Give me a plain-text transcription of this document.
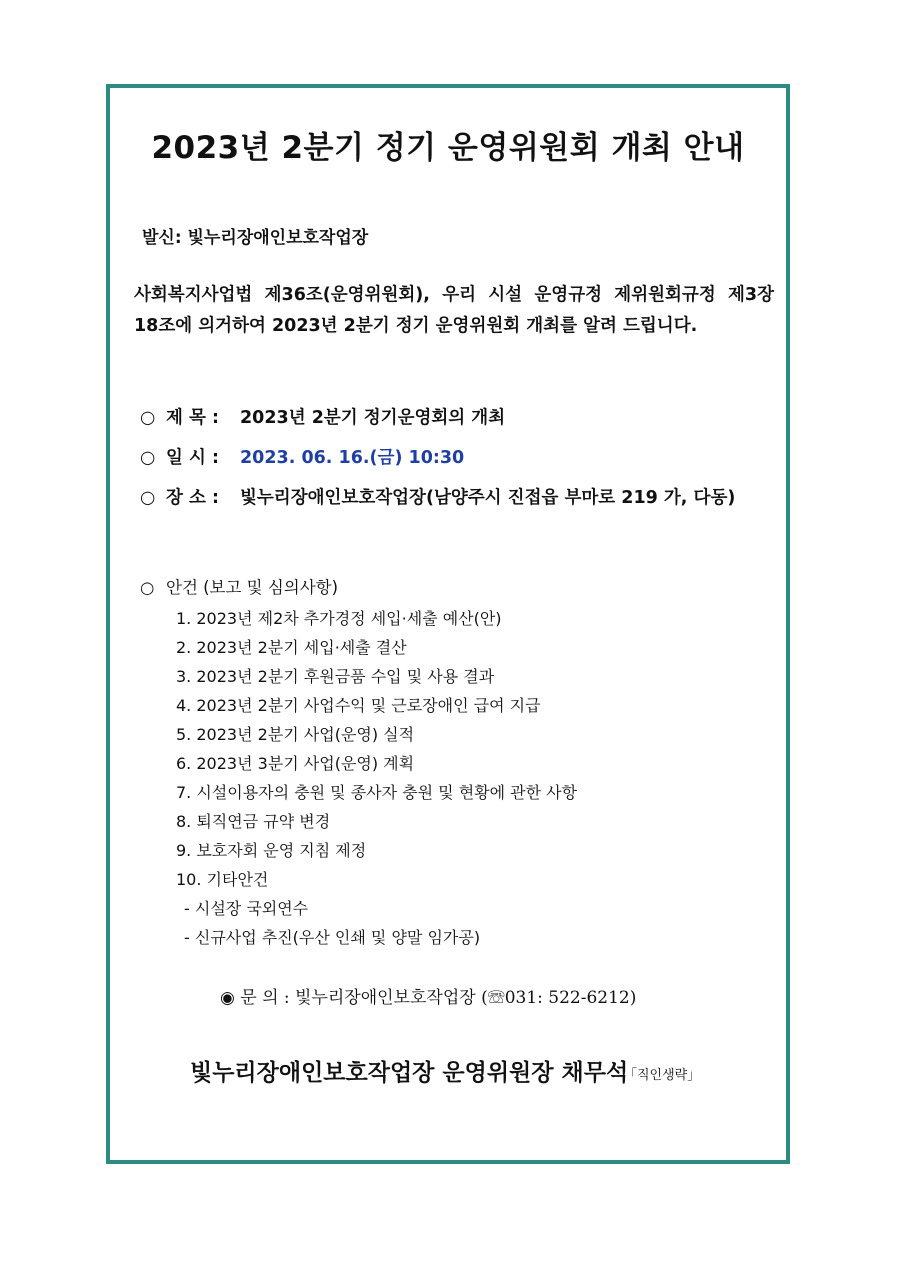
2023년 2분기 정기 운영위원회 개최 안내
발신: 빛누리장애인보호작업장
사회복지사업법 제36조(운영위원회), 우리 시설 운영규정 제위원회규정 제3장 18조에 의거하여 2023년 2분기 정기 운영위원회 개최를 알려 드립니다.
○ 제 목 : 2023년 2분기 정기운영회의 개최
○ 일 시 : 2023. 06. 16.(금) 10:30
○ 장 소 : 빛누리장애인보호작업장(남양주시 진접읍 부마로 219 가, 다동)
○ 안건 (보고 및 심의사항)
1. 2023년 제2차 추가경정 세입·세출 예산(안)
2. 2023년 2분기 세입·세출 결산
3. 2023년 2분기 후원금품 수입 및 사용 결과
4. 2023년 2분기 사업수익 및 근로장애인 급여 지급
5. 2023년 2분기 사업(운영) 실적
6. 2023년 3분기 사업(운영) 계획
7. 시설이용자의 충원 및 종사자 충원 및 현황에 관한 사항
8. 퇴직연금 규약 변경
9. 보호자회 운영 지침 제정
10. 기타안건
- 시설장 국외연수
- 신규사업 추진(우산 인쇄 및 양말 임가공)
◉ 문 의 : 빛누리장애인보호작업장 (☏031: 522-6212)
빛누리장애인보호작업장 운영위원장 채무석
「직인생략」
